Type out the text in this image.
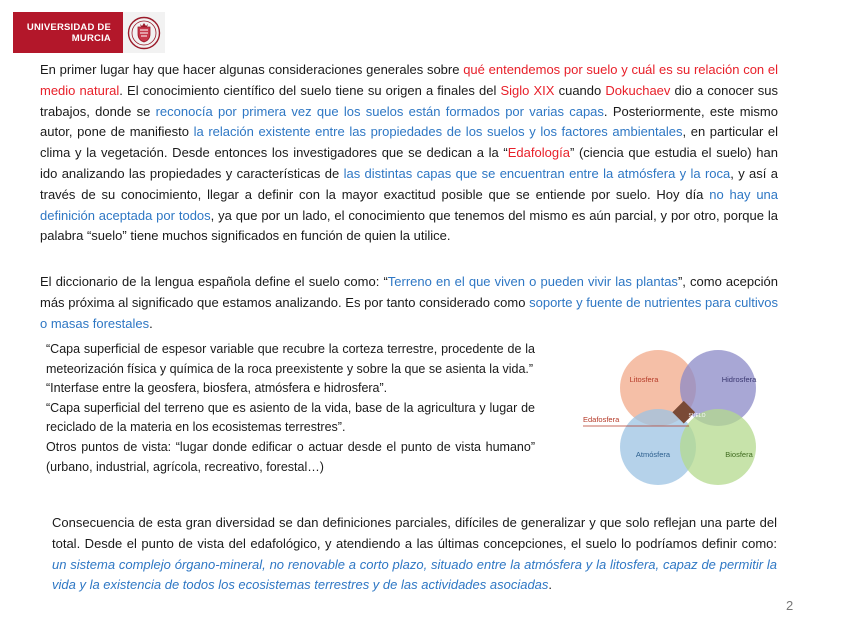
UNIVERSIDAD DE
MURCIA
En primer lugar hay que hacer algunas consideraciones generales sobre qué entendemos por suelo y cuál es su relación con el medio natural. El conocimiento científico del suelo tiene su origen a finales del Siglo XIX cuando Dokuchaev dio a conocer sus trabajos, donde se reconocía por primera vez que los suelos están formados por varias capas. Posteriormente, este mismo autor, pone de manifiesto la relación existente entre las propiedades de los suelos y los factores ambientales, en particular el clima y la vegetación. Desde entonces los investigadores que se dedican a la “Edafología” (ciencia que estudia el suelo) han ido analizando las propiedades y características de las distintas capas que se encuentran entre la atmósfera y la roca, y así a través de su conocimiento, llegar a definir con la mayor exactitud posible que se entiende por suelo. Hoy día no hay una definición aceptada por todos, ya que por un lado, el conocimiento que tenemos del mismo es aún parcial, y por otro, porque la palabra “suelo” tiene muchos significados en función de quien la utilice.
El diccionario de la lengua española define el suelo como: “Terreno en el que viven o pueden vivir las plantas”, como acepción más próxima al significado que estamos analizando. Es por tanto considerado como soporte y fuente de nutrientes para cultivos o masas forestales.
“Capa superficial de espesor variable que recubre la corteza terrestre, procedente de la meteorización física y química de la roca preexistente y sobre la que se asienta la vida.”
“Interfase entre la geosfera, biosfera, atmósfera e hidrosfera”.
“Capa superficial del terreno que es asiento de la vida, base de la agricultura y lugar de reciclado de la materia en los ecosistemas terrestres”.
Otros puntos de vista: “lugar donde edificar o actuar desde el punto de vista humano” (urbano, industrial, agrícola, recreativo, forestal…)
SUELO
Litosfera	Hidrosfera
Atmósfera	Biosfera
Edafosfera
Consecuencia de esta gran diversidad se dan definiciones parciales, difíciles de generalizar y que solo reflejan una parte del total. Desde el punto de vista del edafológico, y atendiendo a las últimas concepciones, el suelo lo podríamos definir como: un sistema complejo órgano-mineral, no renovable a corto plazo, situado entre la atmósfera y la litosfera, capaz de permitir la vida y la existencia de todos los ecosistemas terrestres y de las actividades asociadas.
2
